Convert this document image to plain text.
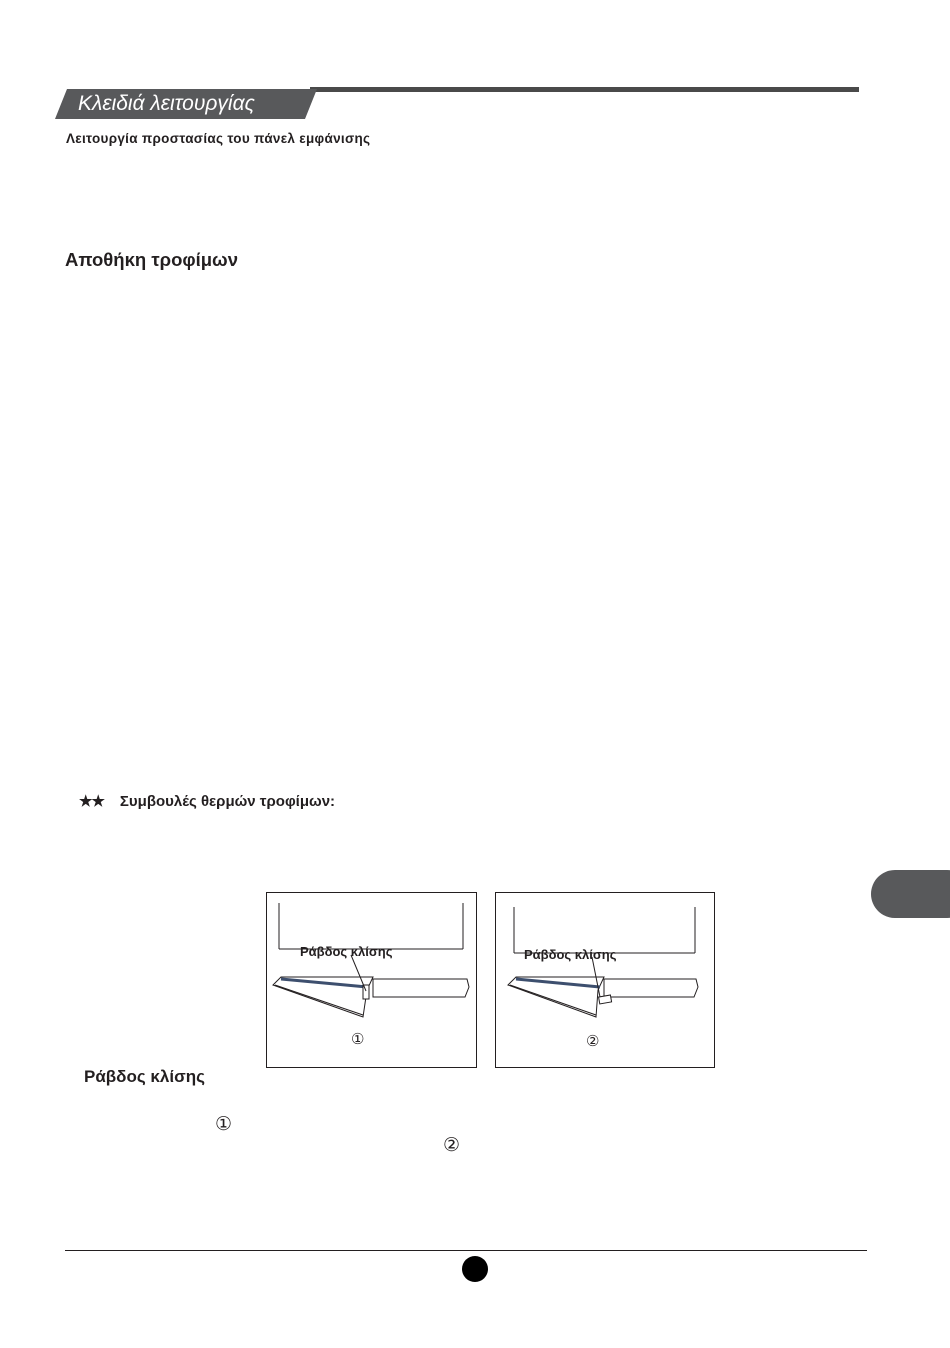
Κλειδιά λειτουργίας
Λειτουργία προστασίας του πάνελ εμφάνισης
Αποθήκη τροφίμων
★★ Συμβουλές θερμών τροφίμων:
Ράβδος κλίσης
①
Ράβδος κλίσης
②
Ράβδος κλίσης
①
②
